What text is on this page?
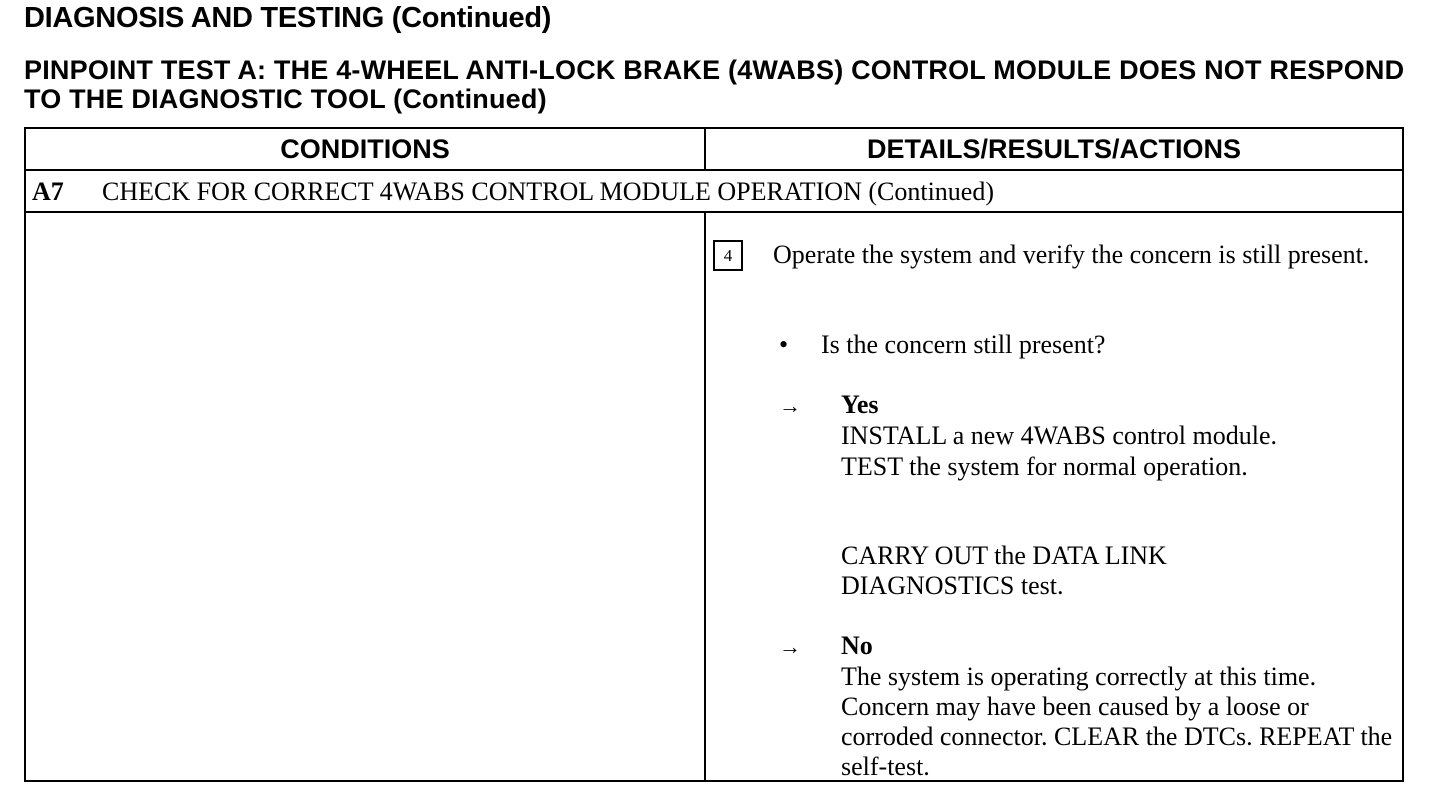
DIAGNOSIS AND TESTING (Continued)
PINPOINT TEST A: THE 4-WHEEL ANTI-LOCK BRAKE (4WABS) CONTROL MODULE DOES NOT RESPOND TO THE DIAGNOSTIC TOOL (Continued)
CONDITIONS	DETAILS/RESULTS/ACTIONS
A7 CHECK FOR CORRECT 4WABS CONTROL MODULE OPERATION (Continued)
4	Operate the system and verify the concern is still present.
• Is the concern still present?
→ Yes
INSTALL a new 4WABS control module.
TEST the system for normal operation.
CARRY OUT the DATA LINK DIAGNOSTICS test.
→ No
The system is operating correctly at this time. Concern may have been caused by a loose or corroded connector. CLEAR the DTCs. REPEAT the self-test.
